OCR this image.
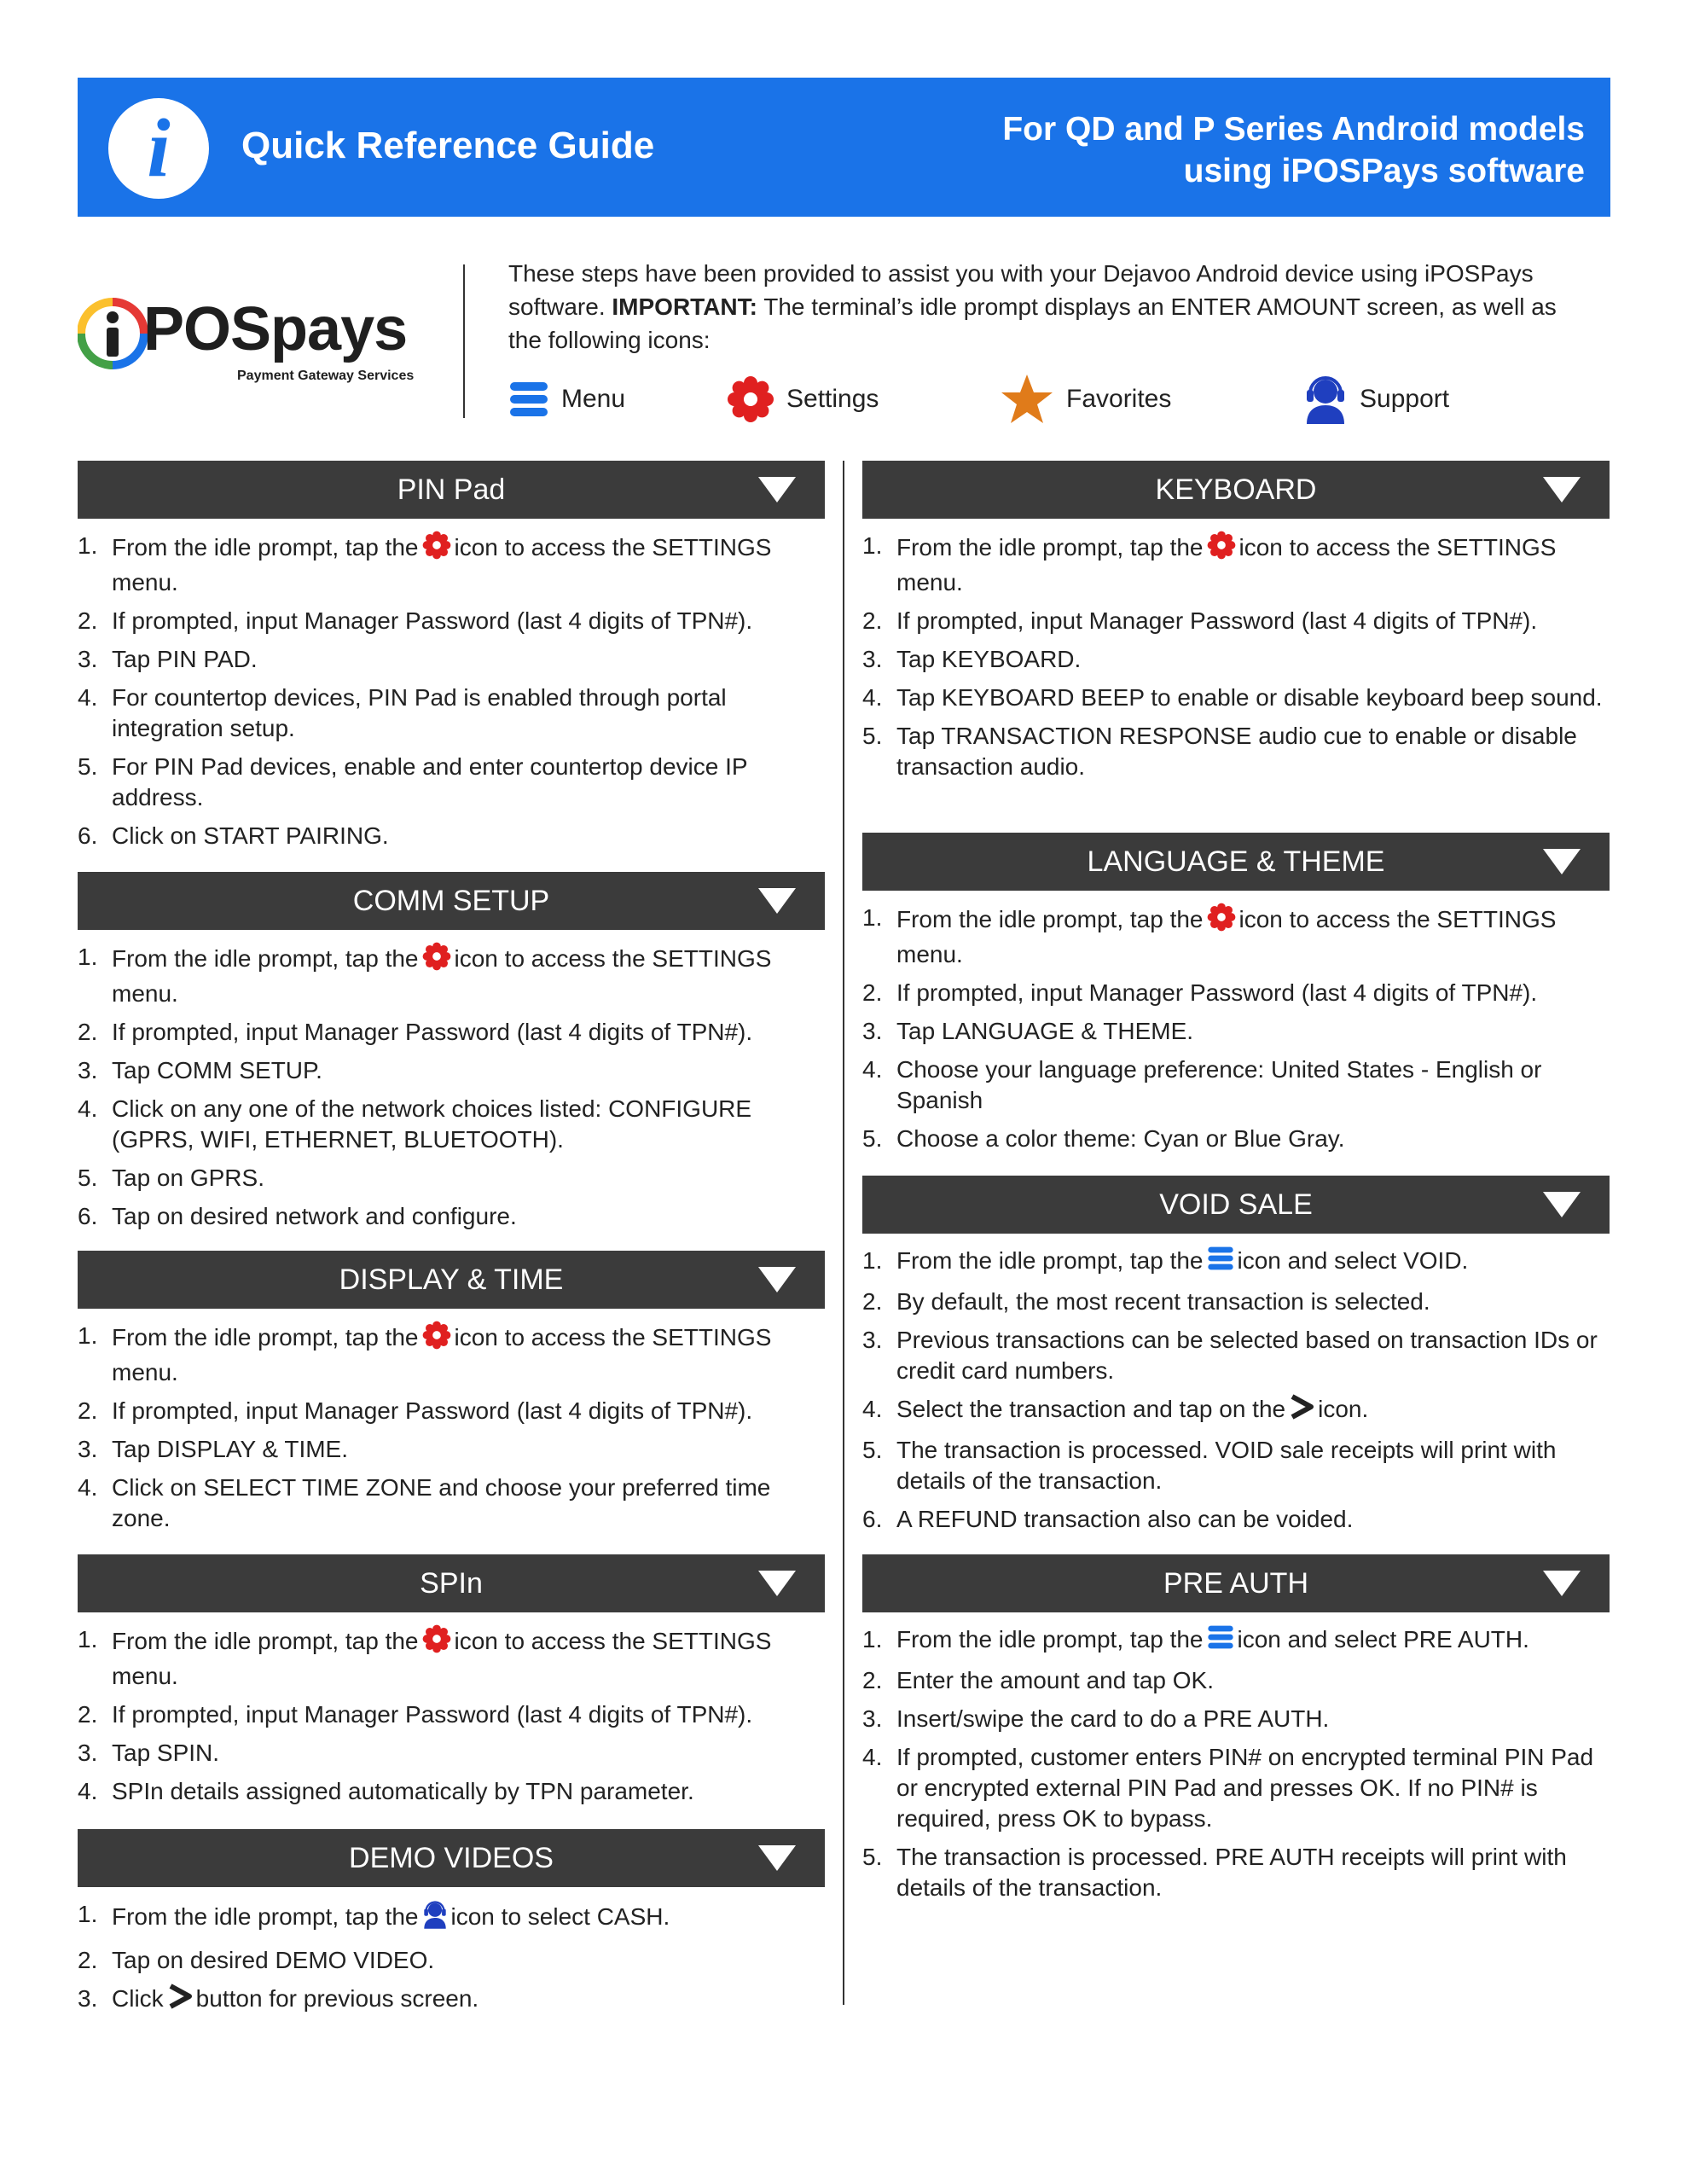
i	Quick Reference Guide	For QD and P Series Android models
using iPOSPays software
POSpays
Payment Gateway Services

These steps have been provided to assist you with your Dejavoo Android device using iPOSPays software. IMPORTANT: The terminal’s idle prompt displays an ENTER AMOUNT screen, as well as the following icons:

Menu	Settings	Favorites	Support
PIN Pad
1. From the idle prompt, tap the icon to access the SETTINGS menu.
2. If prompted, input Manager Password (last 4 digits of TPN#).
3. Tap PIN PAD.
4. For countertop devices, PIN Pad is enabled through portal integration setup.
5. For PIN Pad devices, enable and enter countertop device IP address.
6. Click on START PAIRING.
COMM SETUP
1. From the idle prompt, tap the icon to access the SETTINGS menu.
2. If prompted, input Manager Password (last 4 digits of TPN#).
3. Tap COMM SETUP.
4. Click on any one of the network choices listed: CONFIGURE (GPRS, WIFI, ETHERNET, BLUETOOTH).
5. Tap on GPRS.
6. Tap on desired network and configure.
DISPLAY & TIME
1. From the idle prompt, tap the icon to access the SETTINGS menu.
2. If prompted, input Manager Password (last 4 digits of TPN#).
3. Tap DISPLAY & TIME.
4. Click on SELECT TIME ZONE and choose your preferred time zone.
SPIn
1. From the idle prompt, tap the icon to access the SETTINGS menu.
2. If prompted, input Manager Password (last 4 digits of TPN#).
3. Tap SPIN.
4. SPIn details assigned automatically by TPN parameter.
DEMO VIDEOS
1. From the idle prompt, tap the icon to select CASH.
2. Tap on desired DEMO VIDEO.
3. Click button for previous screen.
KEYBOARD
1. From the idle prompt, tap the icon to access the SETTINGS menu.
2. If prompted, input Manager Password (last 4 digits of TPN#).
3. Tap KEYBOARD.
4. Tap KEYBOARD BEEP to enable or disable keyboard beep sound.
5. Tap TRANSACTION RESPONSE audio cue to enable or disable transaction audio.
LANGUAGE & THEME
1. From the idle prompt, tap the icon to access the SETTINGS menu.
2. If prompted, input Manager Password (last 4 digits of TPN#).
3. Tap LANGUAGE & THEME.
4. Choose your language preference: United States - English or Spanish
5. Choose a color theme: Cyan or Blue Gray.
VOID SALE
1. From the idle prompt, tap the icon and select VOID.
2. By default, the most recent transaction is selected.
3. Previous transactions can be selected based on transaction IDs or credit card numbers.
4. Select the transaction and tap on the icon.
5. The transaction is processed. VOID sale receipts will print with details of the transaction.
6. A REFUND transaction also can be voided.
PRE AUTH
1. From the idle prompt, tap the icon and select PRE AUTH.
2. Enter the amount and tap OK.
3. Insert/swipe the card to do a PRE AUTH.
4. If prompted, customer enters PIN# on encrypted terminal PIN Pad or encrypted external PIN Pad and presses OK. If no PIN# is required, press OK to bypass.
5. The transaction is processed. PRE AUTH receipts will print with details of the transaction.
